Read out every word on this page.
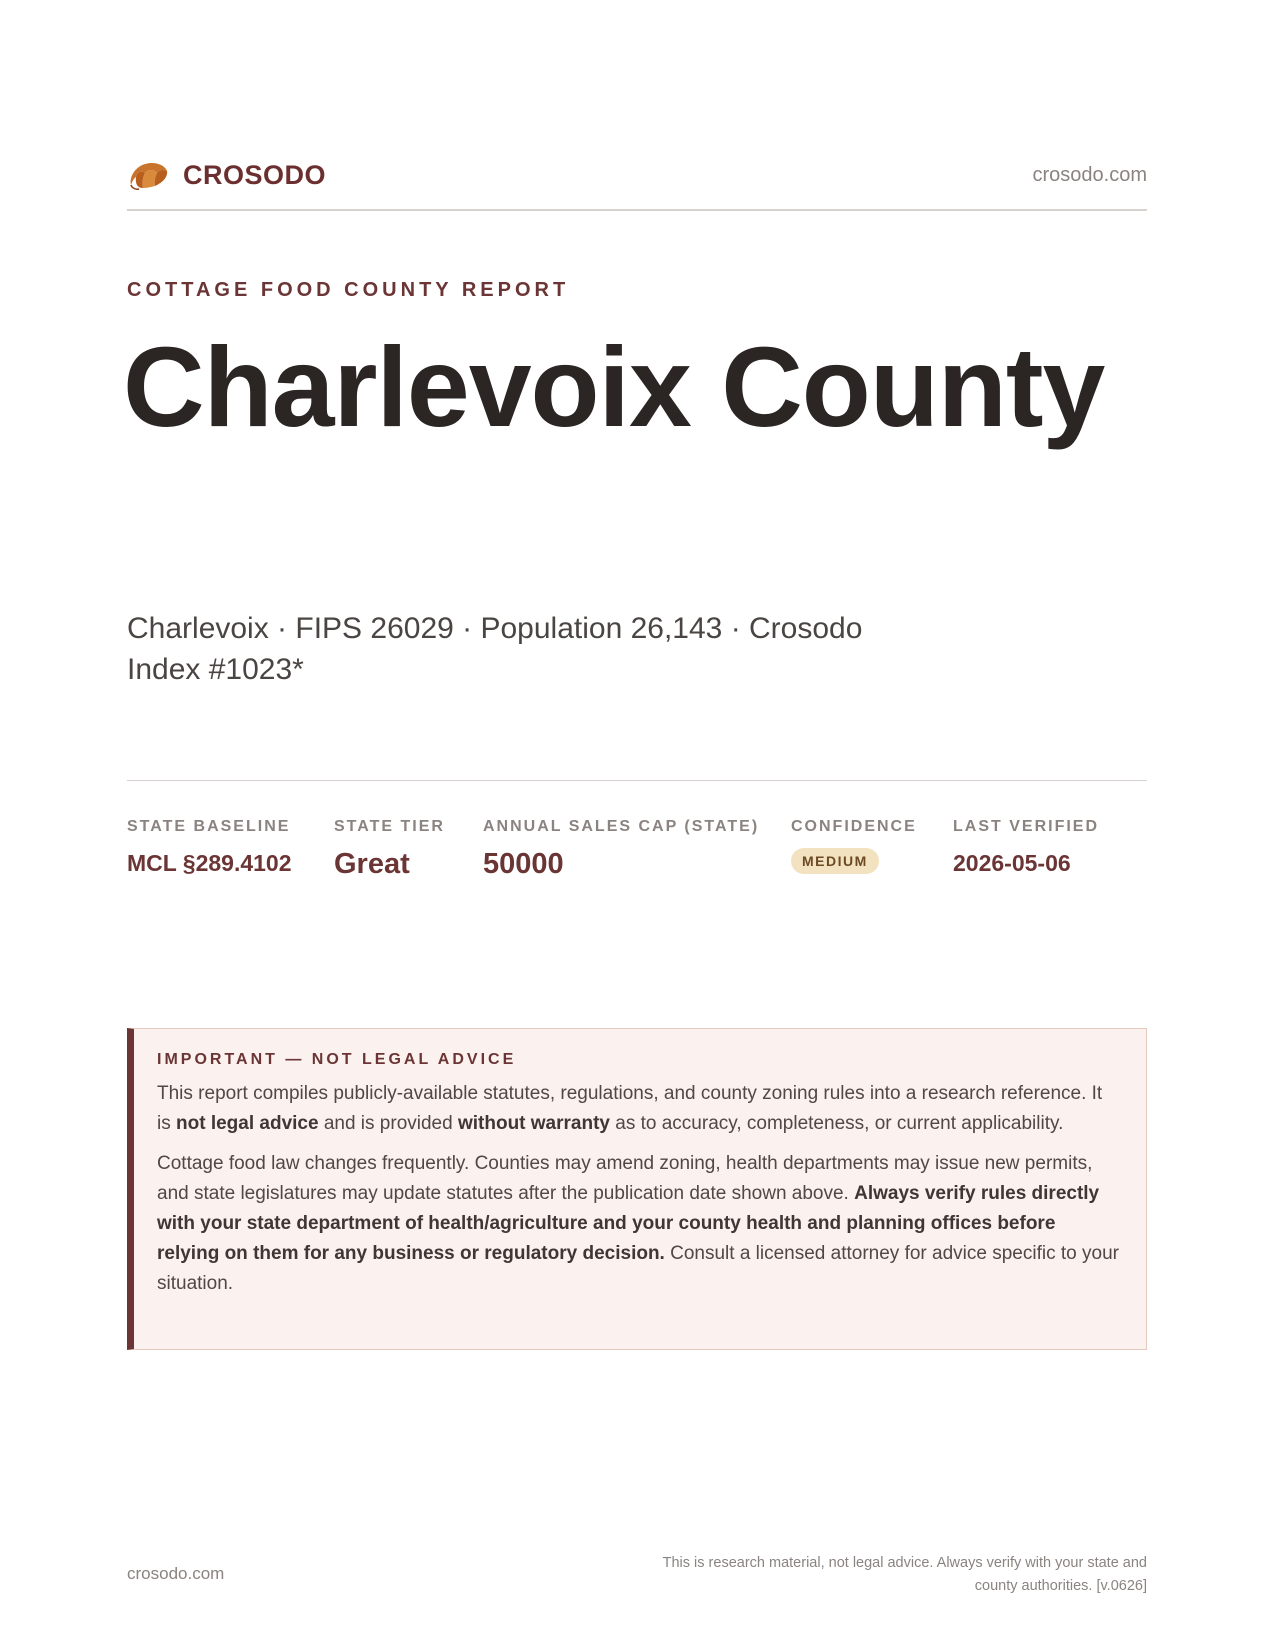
CROSODO	crosodo.com
COTTAGE FOOD COUNTY REPORT
Charlevoix County
Charlevoix · FIPS 26029 · Population 26,143 · Crosodo Index #1023*
STATE BASELINE
MCL §289.4102
STATE TIER
Great
ANNUAL SALES CAP (STATE)
50000
CONFIDENCE
MEDIUM
LAST VERIFIED
2026-05-06
IMPORTANT — NOT LEGAL ADVICE

This report compiles publicly-available statutes, regulations, and county zoning rules into a research reference. It is not legal advice and is provided without warranty as to accuracy, completeness, or current applicability.

Cottage food law changes frequently. Counties may amend zoning, health departments may issue new permits, and state legislatures may update statutes after the publication date shown above. Always verify rules directly with your state department of health/agriculture and your county health and planning offices before relying on them for any business or regulatory decision. Consult a licensed attorney for advice specific to your situation.

crosodo.com
This is research material, not legal advice. Always verify with your state and county authorities. [v.0626]
